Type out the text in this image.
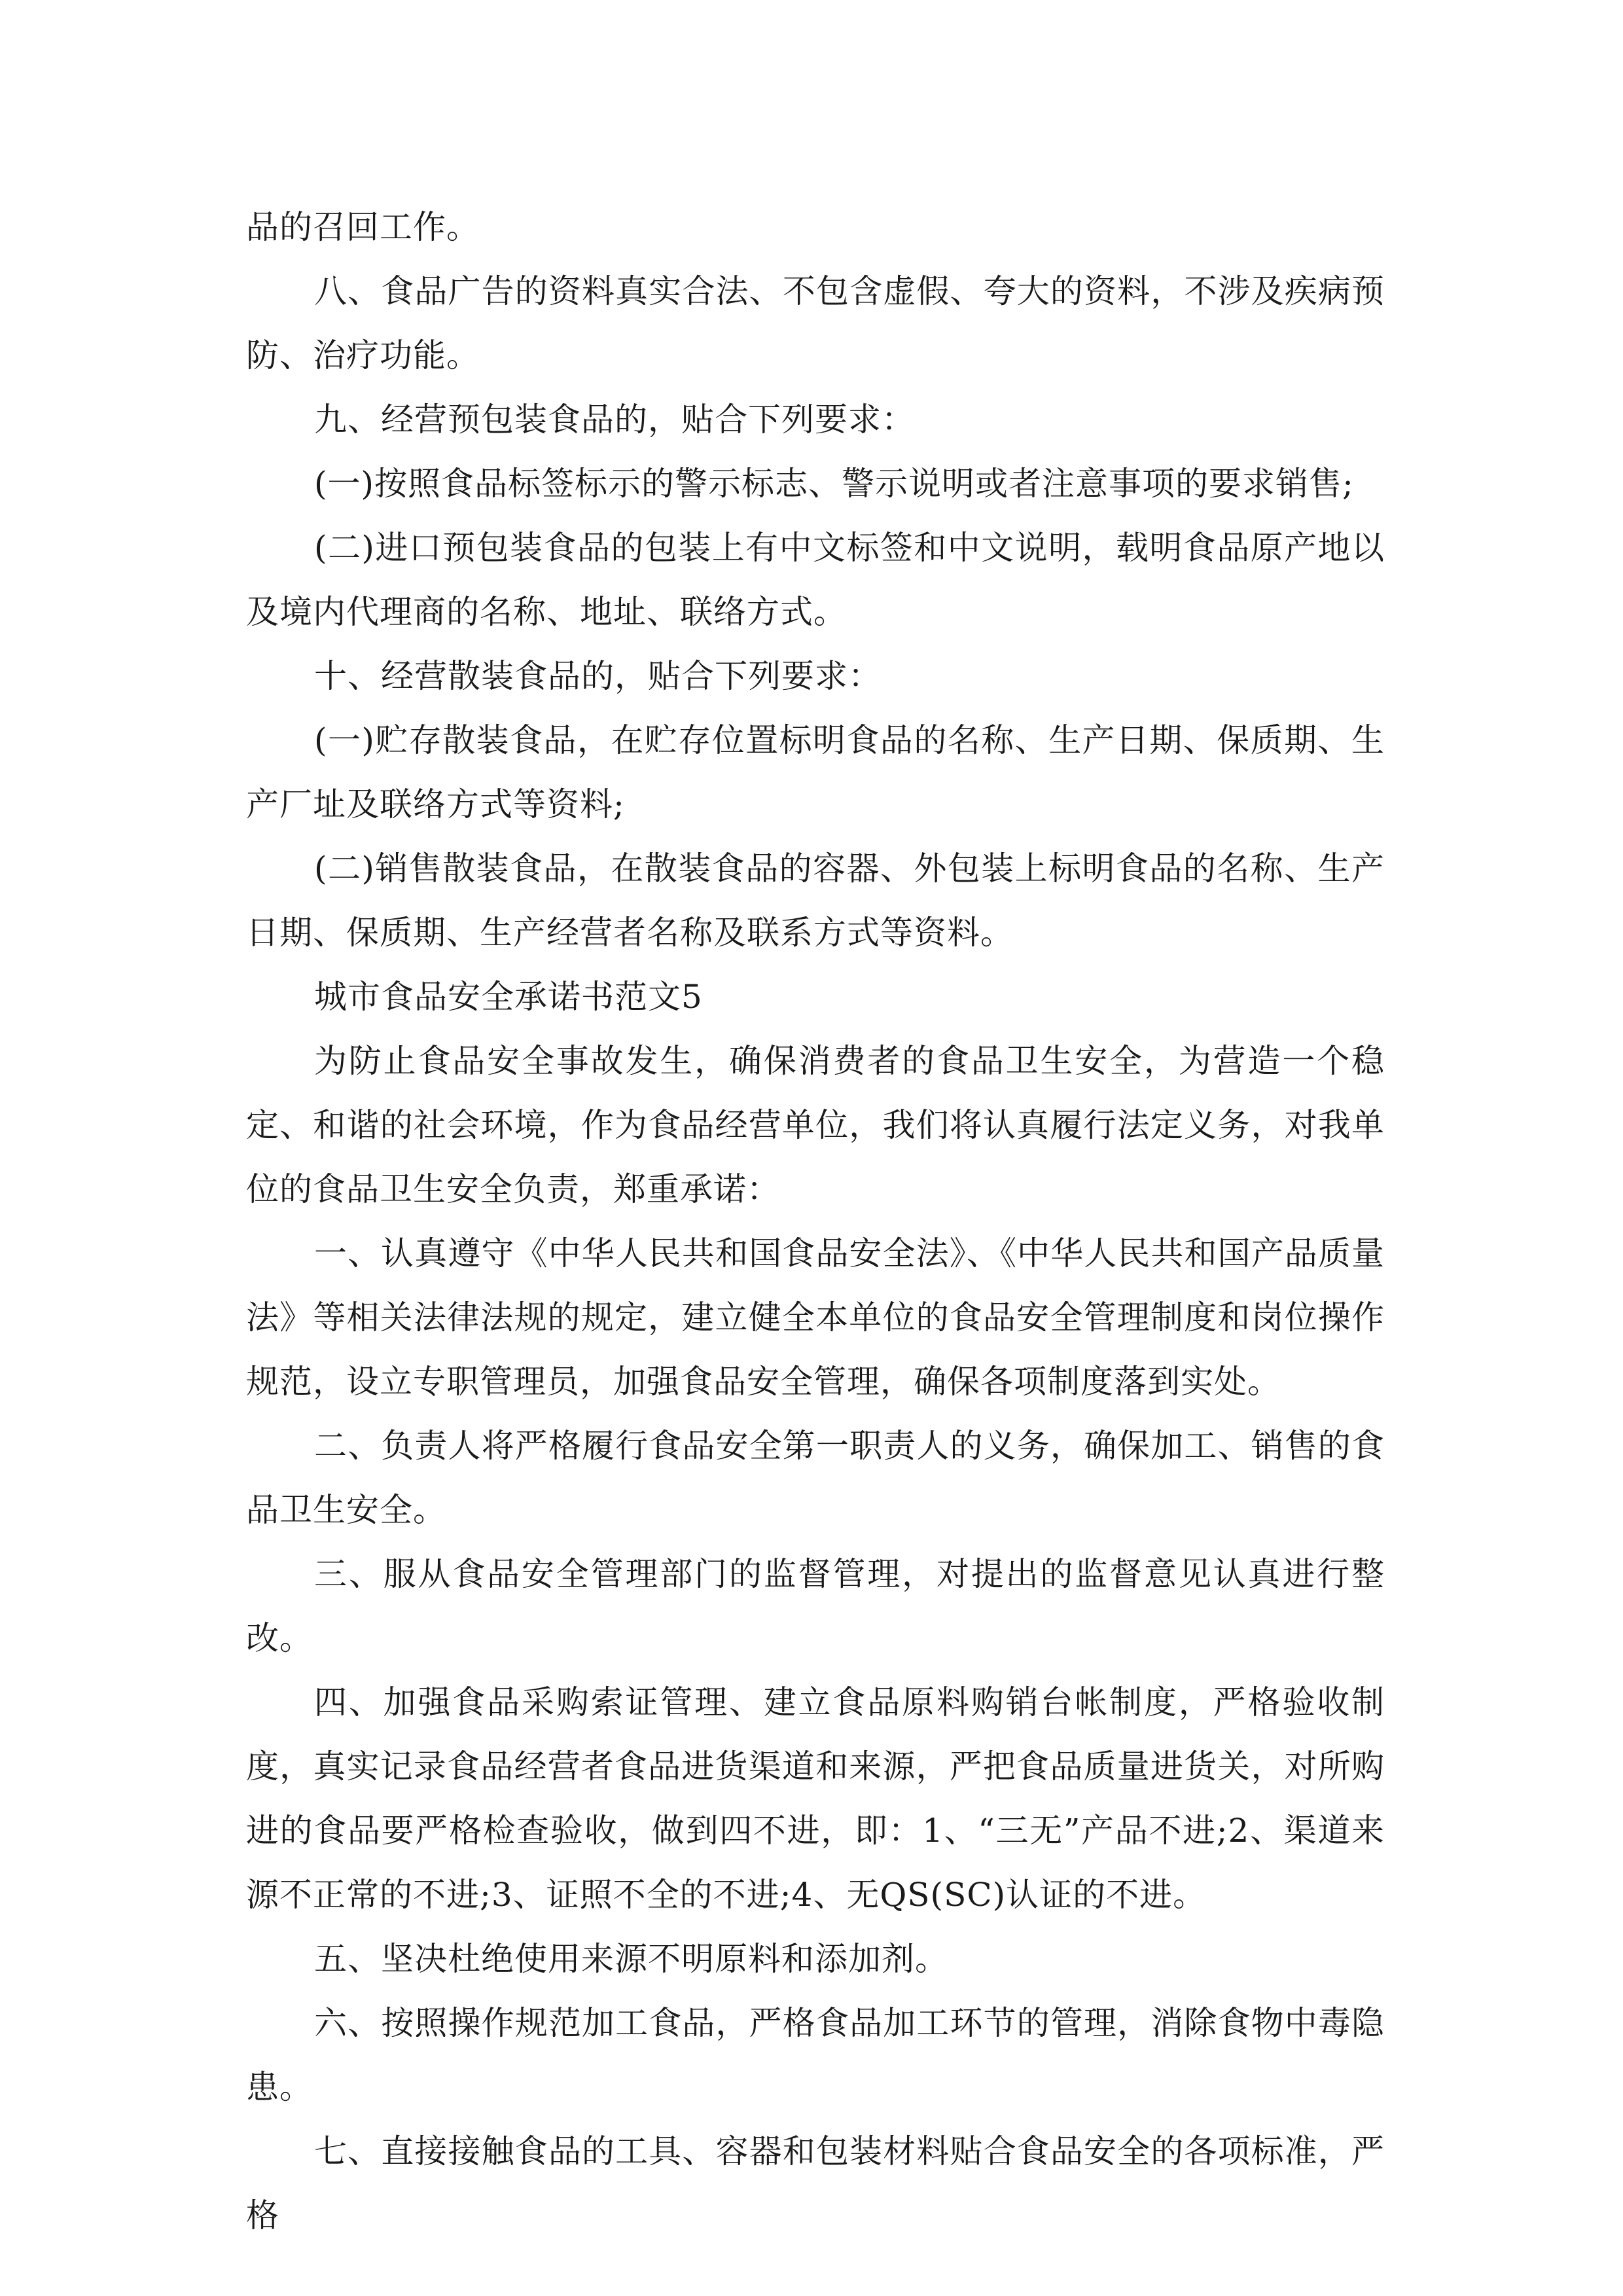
品的召回工作。

八、食品广告的资料真实合法、不包含虚假、夸大的资料，不涉及疾病预防、治疗功能。

九、经营预包装食品的，贴合下列要求：

(一)按照食品标签标示的警示标志、警示说明或者注意事项的要求销售;

(二)进口预包装食品的包装上有中文标签和中文说明，载明食品原产地以及境内代理商的名称、地址、联络方式。

十、经营散装食品的，贴合下列要求：

(一)贮存散装食品，在贮存位置标明食品的名称、生产日期、保质期、生产厂址及联络方式等资料;

(二)销售散装食品，在散装食品的容器、外包装上标明食品的名称、生产日期、保质期、生产经营者名称及联系方式等资料。

城市食品安全承诺书范文5

为防止食品安全事故发生，确保消费者的食品卫生安全，为营造一个稳定、和谐的社会环境，作为食品经营单位，我们将认真履行法定义务，对我单位的食品卫生安全负责，郑重承诺：

一、认真遵守《中华人民共和国食品安全法》、《中华人民共和国产品质量法》等相关法律法规的规定，建立健全本单位的食品安全管理制度和岗位操作规范，设立专职管理员，加强食品安全管理，确保各项制度落到实处。

二、负责人将严格履行食品安全第一职责人的义务，确保加工、销售的食品卫生安全。

三、服从食品安全管理部门的监督管理，对提出的监督意见认真进行整改。

四、加强食品采购索证管理、建立食品原料购销台帐制度，严格验收制度，真实记录食品经营者食品进货渠道和来源，严把食品质量进货关，对所购进的食品要严格检查验收，做到四不进，即：1、“三无”产品不进;2、渠道来源不正常的不进;3、证照不全的不进;4、无QS(SC)认证的不进。

五、坚决杜绝使用来源不明原料和添加剂。

六、按照操作规范加工食品，严格食品加工环节的管理，消除食物中毒隐患。

七、直接接触食品的工具、容器和包装材料贴合食品安全的各项标准，严格
